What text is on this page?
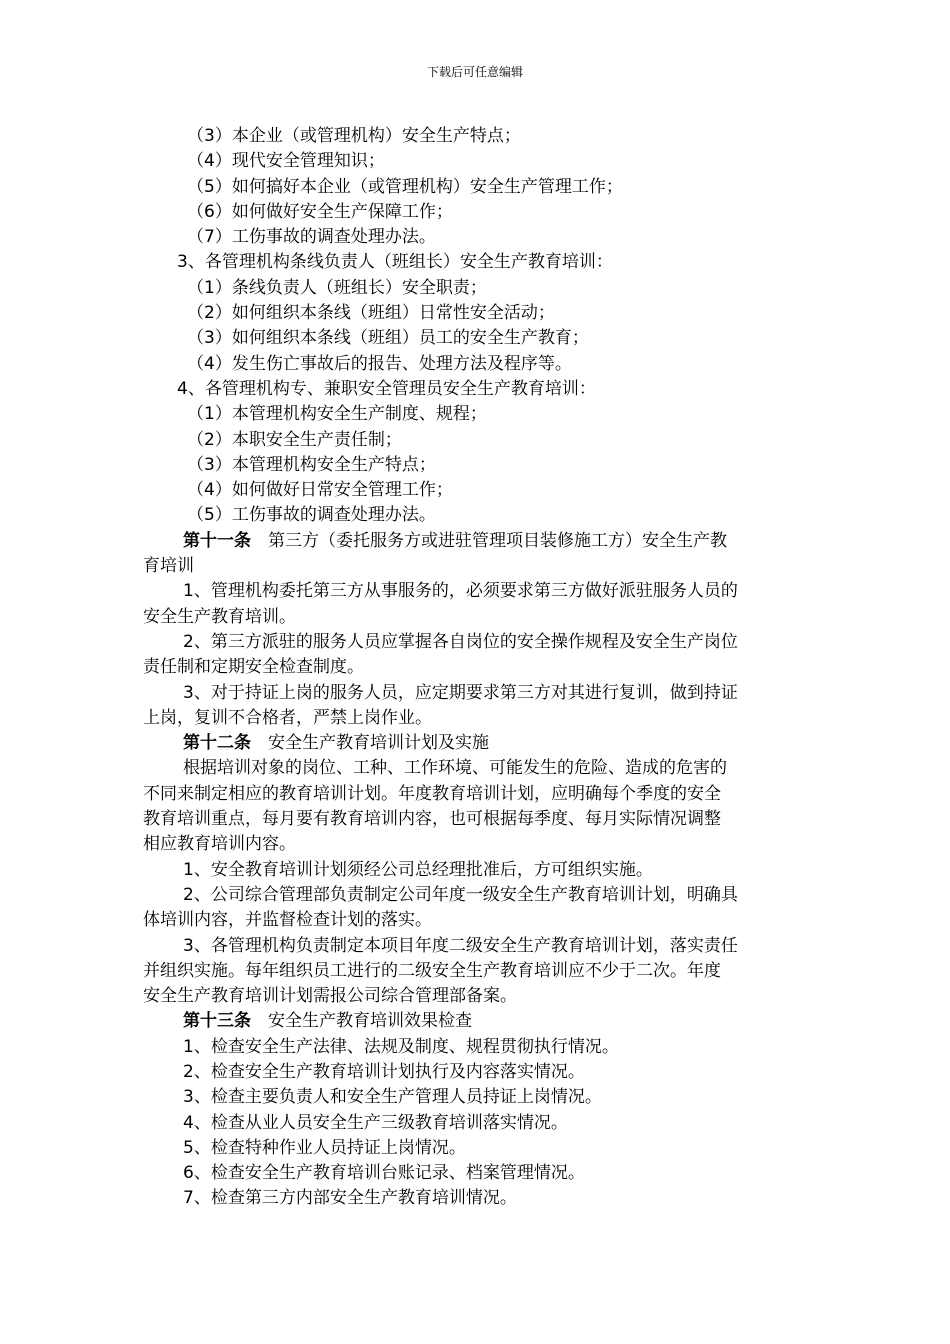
下载后可任意编辑
（3）本企业（或管理机构）安全生产特点；
（4）现代安全管理知识；
（5）如何搞好本企业（或管理机构）安全生产管理工作；
（6）如何做好安全生产保障工作；
（7）工伤事故的调查处理办法。
3、各管理机构条线负责人（班组长）安全生产教育培训：
（1）条线负责人（班组长）安全职责；
（2）如何组织本条线（班组）日常性安全活动；
（3）如何组织本条线（班组）员工的安全生产教育；
（4）发生伤亡事故后的报告、处理方法及程序等。
4、各管理机构专、兼职安全管理员安全生产教育培训：
（1）本管理机构安全生产制度、规程；
（2）本职安全生产责任制；
（3）本管理机构安全生产特点；
（4）如何做好日常安全管理工作；
（5）工伤事故的调查处理办法。
第十一条　第三方（委托服务方或进驻管理项目装修施工方）安全生产教
育培训
1、管理机构委托第三方从事服务的，必须要求第三方做好派驻服务人员的
安全生产教育培训。
2、第三方派驻的服务人员应掌握各自岗位的安全操作规程及安全生产岗位
责任制和定期安全检查制度。
3、对于持证上岗的服务人员，应定期要求第三方对其进行复训，做到持证
上岗，复训不合格者，严禁上岗作业。
第十二条　安全生产教育培训计划及实施
根据培训对象的岗位、工种、工作环境、可能发生的危险、造成的危害的
不同来制定相应的教育培训计划。年度教育培训计划，应明确每个季度的安全
教育培训重点，每月要有教育培训内容，也可根据每季度、每月实际情况调整
相应教育培训内容。
1、安全教育培训计划须经公司总经理批准后，方可组织实施。
2、公司综合管理部负责制定公司年度一级安全生产教育培训计划，明确具
体培训内容，并监督检查计划的落实。
3、各管理机构负责制定本项目年度二级安全生产教育培训计划，落实责任
并组织实施。每年组织员工进行的二级安全生产教育培训应不少于二次。年度
安全生产教育培训计划需报公司综合管理部备案。
第十三条　安全生产教育培训效果检查
1、检查安全生产法律、法规及制度、规程贯彻执行情况。
2、检查安全生产教育培训计划执行及内容落实情况。
3、检查主要负责人和安全生产管理人员持证上岗情况。
4、检查从业人员安全生产三级教育培训落实情况。
5、检查特种作业人员持证上岗情况。
6、检查安全生产教育培训台账记录、档案管理情况。
7、检查第三方内部安全生产教育培训情况。
